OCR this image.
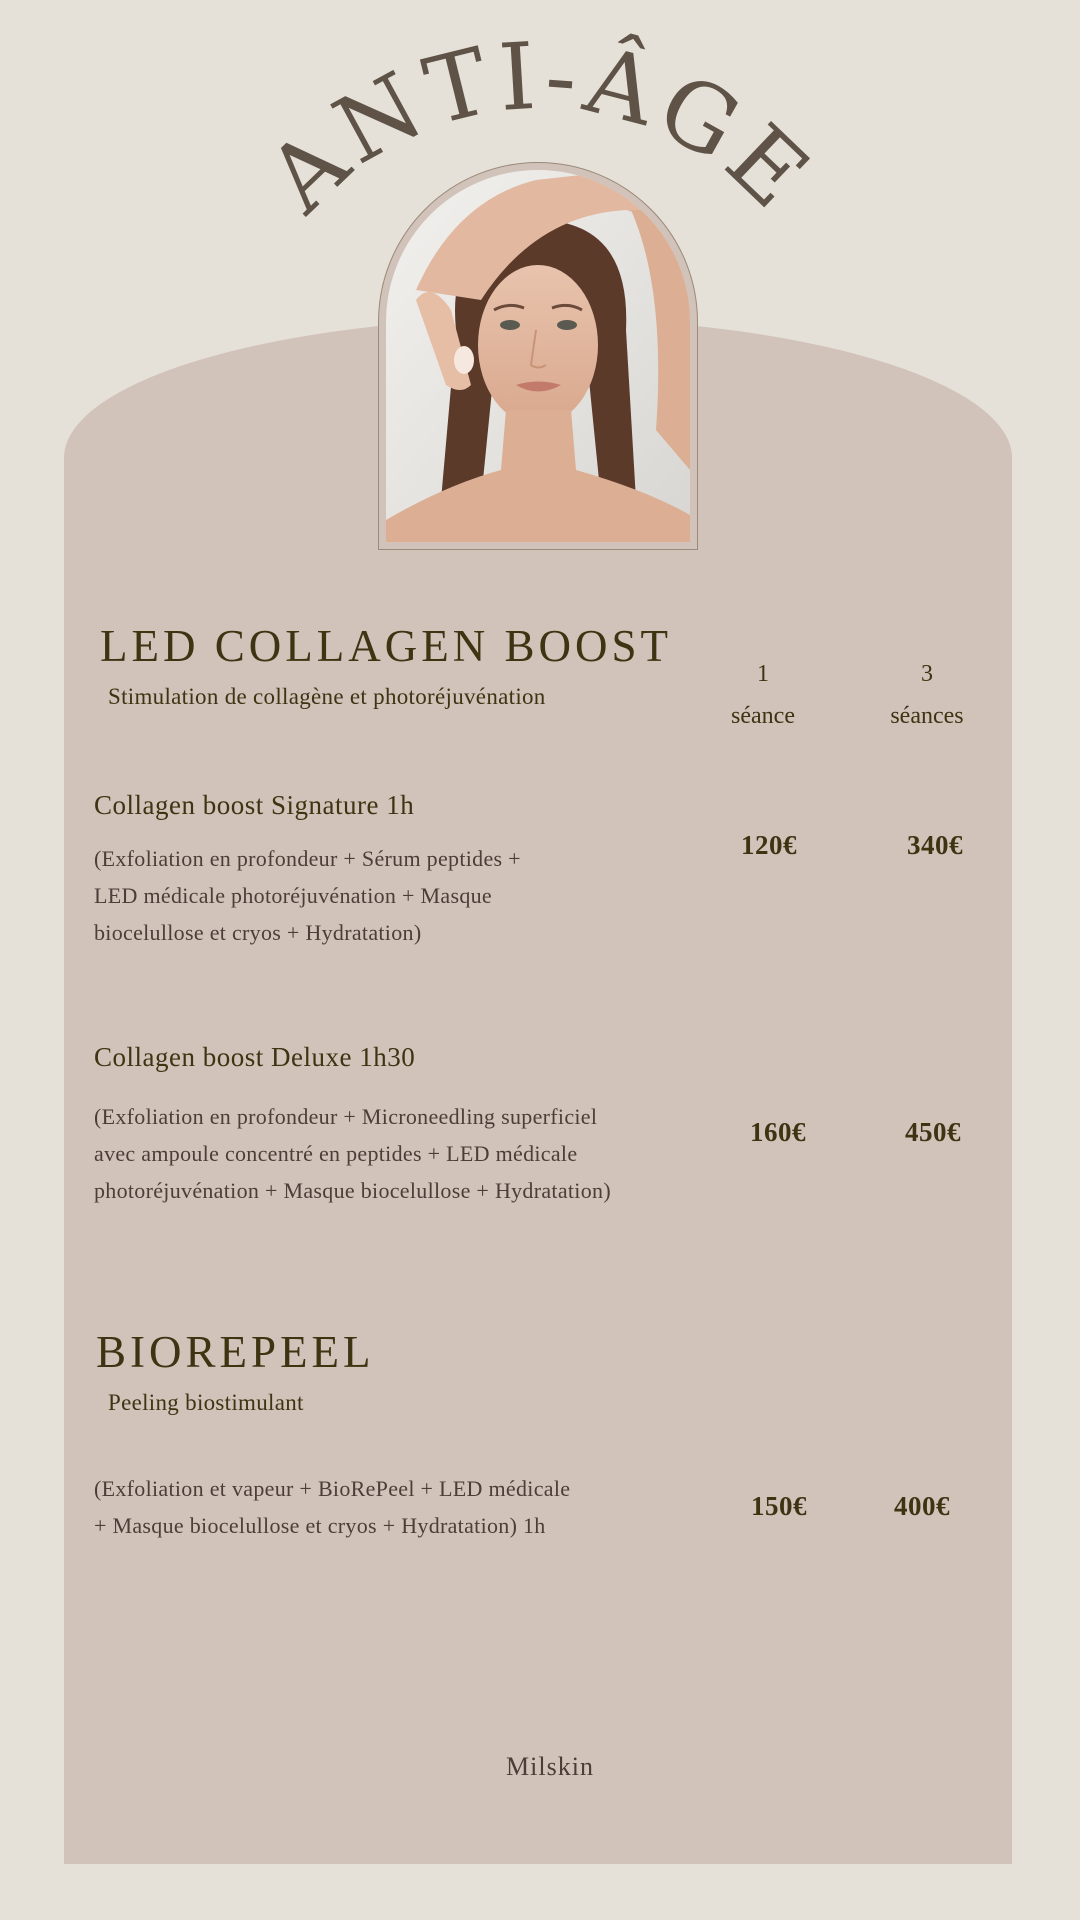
ANTI-ÂGE
LED COLLAGEN BOOST
Stimulation de collagène et photoréjuvénation
1
séance
3
séances
Collagen boost Signature 1h
(Exfoliation en profondeur + Sérum peptides +
LED médicale photoréjuvénation + Masque
biocelullose et cryos + Hydratation)
120€	340€
Collagen boost Deluxe 1h30
(Exfoliation en profondeur + Microneedling superficiel
avec ampoule concentré en peptides + LED médicale
photoréjuvénation + Masque biocelullose + Hydratation)
160€	450€
BIOREPEEL
Peeling biostimulant
(Exfoliation et vapeur + BioRePeel + LED médicale
+ Masque biocelullose et cryos + Hydratation) 1h
150€	400€
Milskin
